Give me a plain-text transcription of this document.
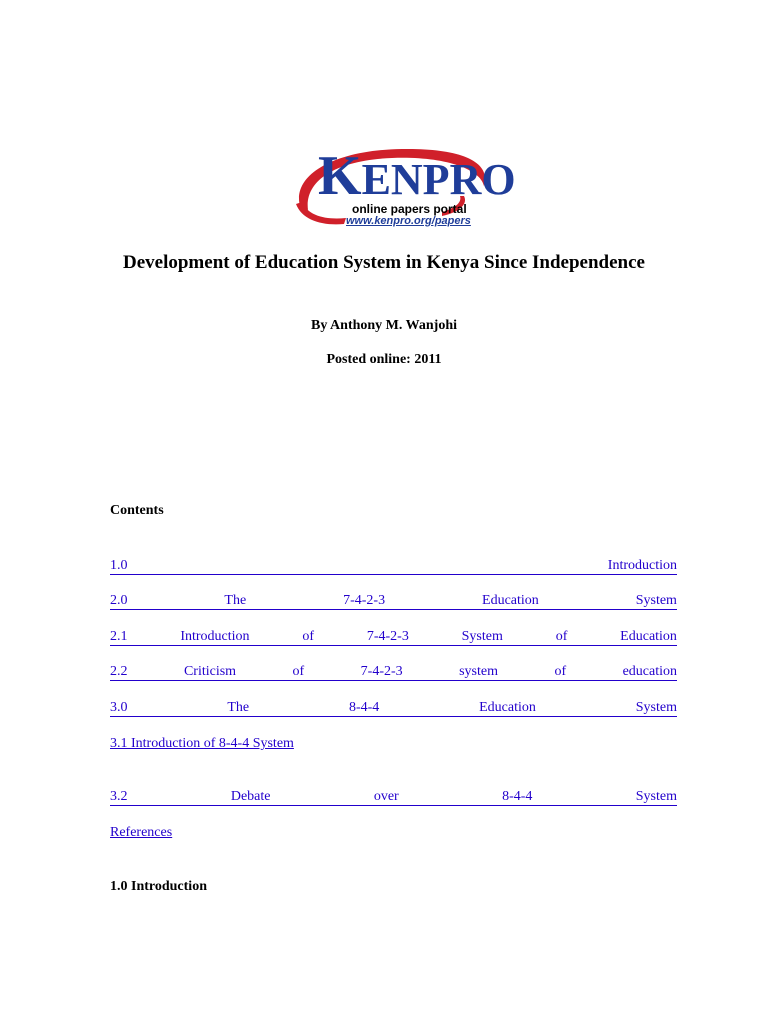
KENPRO
online papers portal
www.kenpro.org/papers
Development of Education System in Kenya Since Independence
By Anthony M. Wanjohi
Posted online: 2011
Contents
1.0	Introduction
2.0	The	7-4-2-3	Education	System
2.1	Introduction	of	7-4-2-3	System	of	Education
2.2	Criticism	of	7-4-2-3	system	of	education
3.0	The	8-4-4	Education	System
3.1 Introduction of 8-4-4 System
3.2	Debate	over	8-4-4	System
References
1.0 Introduction
